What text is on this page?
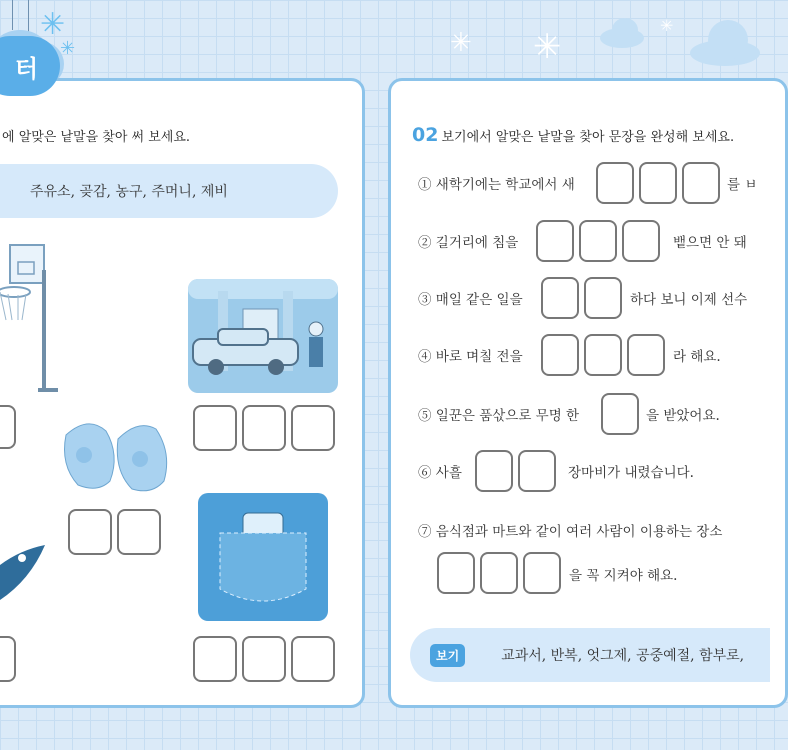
터
✳
✳	✳ ✳
✳
에 알맞은 낱말을 찾아 써 보세요.
주유소, 곶감, 농구, 주머니, 제비
02 보기에서 알맞은 낱말을 찾아 문장을 완성해 보세요.
① 새학기에는 학교에서 새	를 ㅂ
② 길거리에 침을	뱉으면 안 돼
③ 매일 같은 일을	하다 보니 이제 선수
④ 바로 며칠 전을	라 해요.
⑤ 일꾼은 품삯으로 무명 한	을 받았어요.
⑥ 사흘	장마비가 내렸습니다.
⑦ 음식점과 마트와 같이 여러 사람이 이용하는 장소
을 꼭 지켜야 해요.
보기	교과서, 반복, 엇그제, 공중예절, 함부로,
